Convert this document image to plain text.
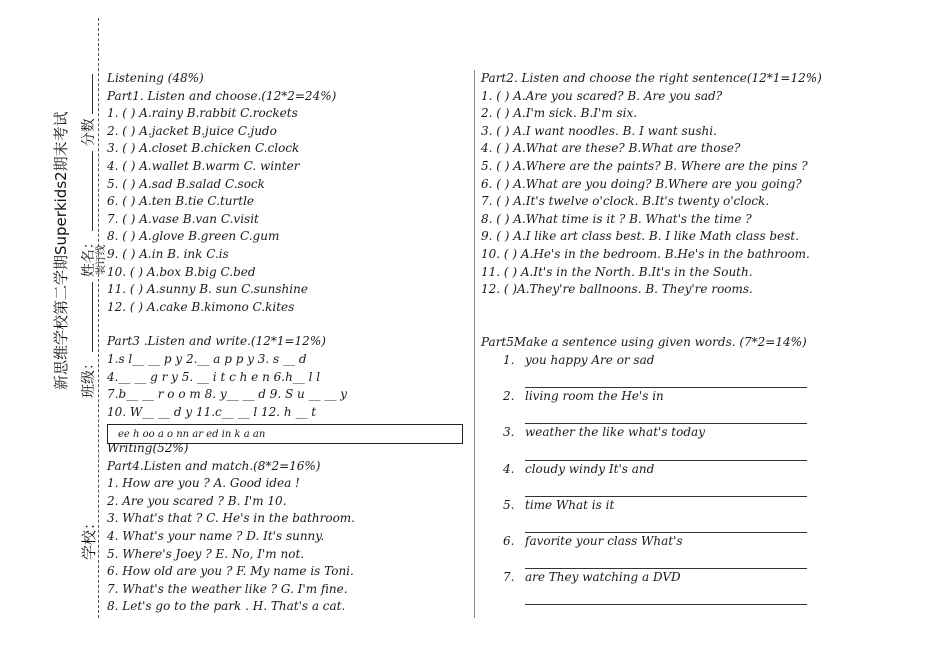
新思维学校第二学期Superkids2期末考试 班级：  姓名：  分数
装订线
学校：
Listening (48%)
Part1. Listen and choose.(12*2=24%)
1. ( ) A.rainy B.rabbit C.rockets
2. ( ) A.jacket B.juice C.judo
3. ( ) A.closet B.chicken C.clock
4. ( ) A.wallet B.warm C. winter
5. ( ) A.sad B.salad C.sock
6. ( ) A.ten B.tie C.turtle
7. ( ) A.vase B.van C.visit
8. ( ) A.glove B.green C.gum
9. ( ) A.in B. ink C.is
10. ( ) A.box B.big C.bed
11. ( ) A.sunny B. sun C.sunshine
12. ( ) A.cake B.kimono C.kites
Part3 .Listen and write.(12*1=12%)
1.s l__ __ p y 2.__ a p p y 3. s __ d
4.__ __ g r y 5. __ i t c h e n 6.h__ l l
7.b__ __ r o o m 8. y__ __ d 9. S u __ __ y
10. W__ __ d y 11.c__ __ l 12. h __ t
ee h oo a o nn ar ed in k a an
Writing(52%)
Part4.Listen and match.(8*2=16%)
1. How are you ? A. Good idea !
2. Are you scared ? B. I'm 10.
3. What's that ? C. He's in the bathroom.
4. What's your name ? D. It's sunny.
5. Where's Joey ? E. No, I'm not.
6. How old are you ? F. My name is Toni.
7. What's the weather like ? G. I'm fine.
8. Let's go to the park . H. That's a cat.
Part2. Listen and choose the right sentence(12*1=12%)
1. ( ) A.Are you scared? B. Are you sad?
2. ( ) A.I'm sick. B.I'm six.
3. ( ) A.I want noodles. B. I want sushi.
4. ( ) A.What are these? B.What are those?
5. ( ) A.Where are the paints? B. Where are the pins ?
6. ( ) A.What are you doing? B.Where are you going?
7. ( ) A.It's twelve o'clock. B.It's twenty o'clock.
8. ( ) A.What time is it ? B. What's the time ?
9. ( ) A.I like art class best. B. I like Math class best.
10. ( ) A.He's in the bedroom. B.He's in the bathroom.
11. ( ) A.It's in the North. B.It's in the South.
12. ( )A.They're ballnoons. B. They're rooms.
Part5Make a sentence using given words. (7*2=14%)
1. you happy Are or sad
2. living room the He's in
3. weather the like what's today
4. cloudy windy It's and
5. time What is it
6. favorite your class What's
7. are They watching a DVD
